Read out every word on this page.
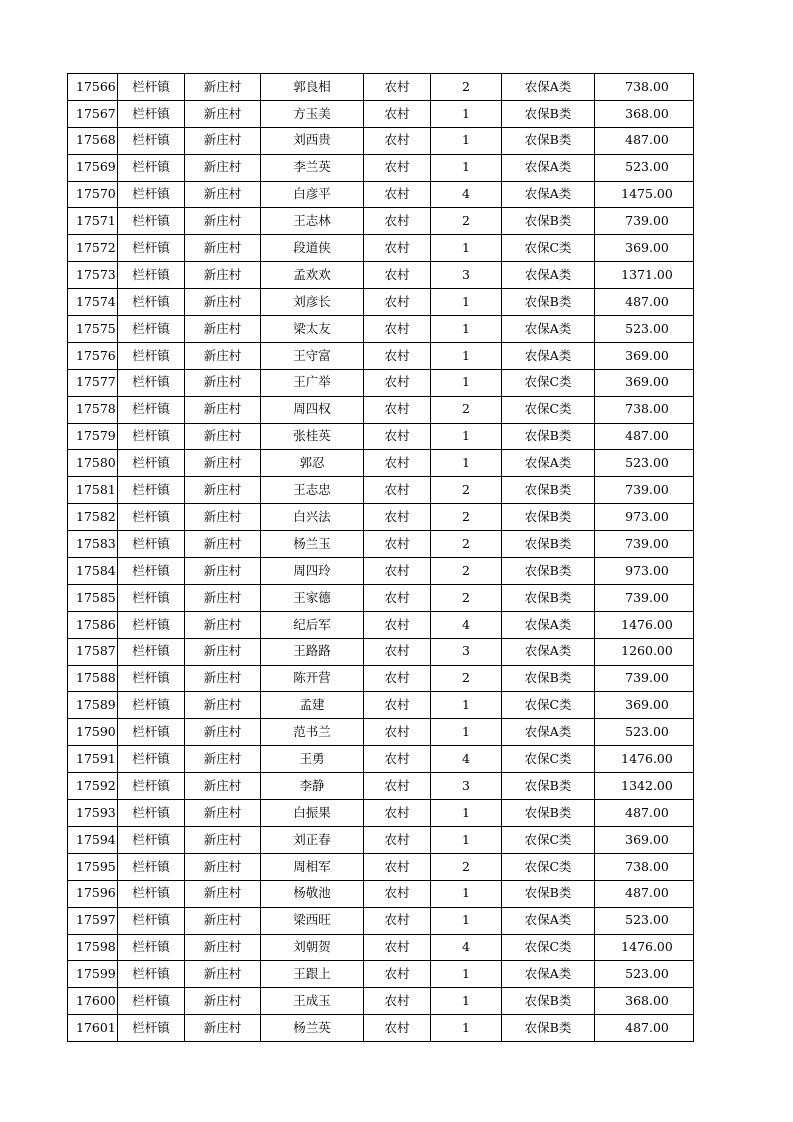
17566	栏杆镇	新庄村	郭良相	农村	2	农保A类	738.00
17567	栏杆镇	新庄村	方玉美	农村	1	农保B类	368.00
17568	栏杆镇	新庄村	刘西贵	农村	1	农保B类	487.00
17569	栏杆镇	新庄村	李兰英	农村	1	农保A类	523.00
17570	栏杆镇	新庄村	白彦平	农村	4	农保A类	1475.00
17571	栏杆镇	新庄村	王志林	农村	2	农保B类	739.00
17572	栏杆镇	新庄村	段道侠	农村	1	农保C类	369.00
17573	栏杆镇	新庄村	孟欢欢	农村	3	农保A类	1371.00
17574	栏杆镇	新庄村	刘彦长	农村	1	农保B类	487.00
17575	栏杆镇	新庄村	梁太友	农村	1	农保A类	523.00
17576	栏杆镇	新庄村	王守富	农村	1	农保A类	369.00
17577	栏杆镇	新庄村	王广举	农村	1	农保C类	369.00
17578	栏杆镇	新庄村	周四权	农村	2	农保C类	738.00
17579	栏杆镇	新庄村	张桂英	农村	1	农保B类	487.00
17580	栏杆镇	新庄村	郭忍	农村	1	农保A类	523.00
17581	栏杆镇	新庄村	王志忠	农村	2	农保B类	739.00
17582	栏杆镇	新庄村	白兴法	农村	2	农保B类	973.00
17583	栏杆镇	新庄村	杨兰玉	农村	2	农保B类	739.00
17584	栏杆镇	新庄村	周四玲	农村	2	农保B类	973.00
17585	栏杆镇	新庄村	王家德	农村	2	农保B类	739.00
17586	栏杆镇	新庄村	纪后军	农村	4	农保A类	1476.00
17587	栏杆镇	新庄村	王路路	农村	3	农保A类	1260.00
17588	栏杆镇	新庄村	陈开营	农村	2	农保B类	739.00
17589	栏杆镇	新庄村	孟建	农村	1	农保C类	369.00
17590	栏杆镇	新庄村	范书兰	农村	1	农保A类	523.00
17591	栏杆镇	新庄村	王勇	农村	4	农保C类	1476.00
17592	栏杆镇	新庄村	李静	农村	3	农保B类	1342.00
17593	栏杆镇	新庄村	白振果	农村	1	农保B类	487.00
17594	栏杆镇	新庄村	刘正春	农村	1	农保C类	369.00
17595	栏杆镇	新庄村	周相军	农村	2	农保C类	738.00
17596	栏杆镇	新庄村	杨敬池	农村	1	农保B类	487.00
17597	栏杆镇	新庄村	梁西旺	农村	1	农保A类	523.00
17598	栏杆镇	新庄村	刘朝贺	农村	4	农保C类	1476.00
17599	栏杆镇	新庄村	王跟上	农村	1	农保A类	523.00
17600	栏杆镇	新庄村	王成玉	农村	1	农保B类	368.00
17601	栏杆镇	新庄村	杨兰英	农村	1	农保B类	487.00
